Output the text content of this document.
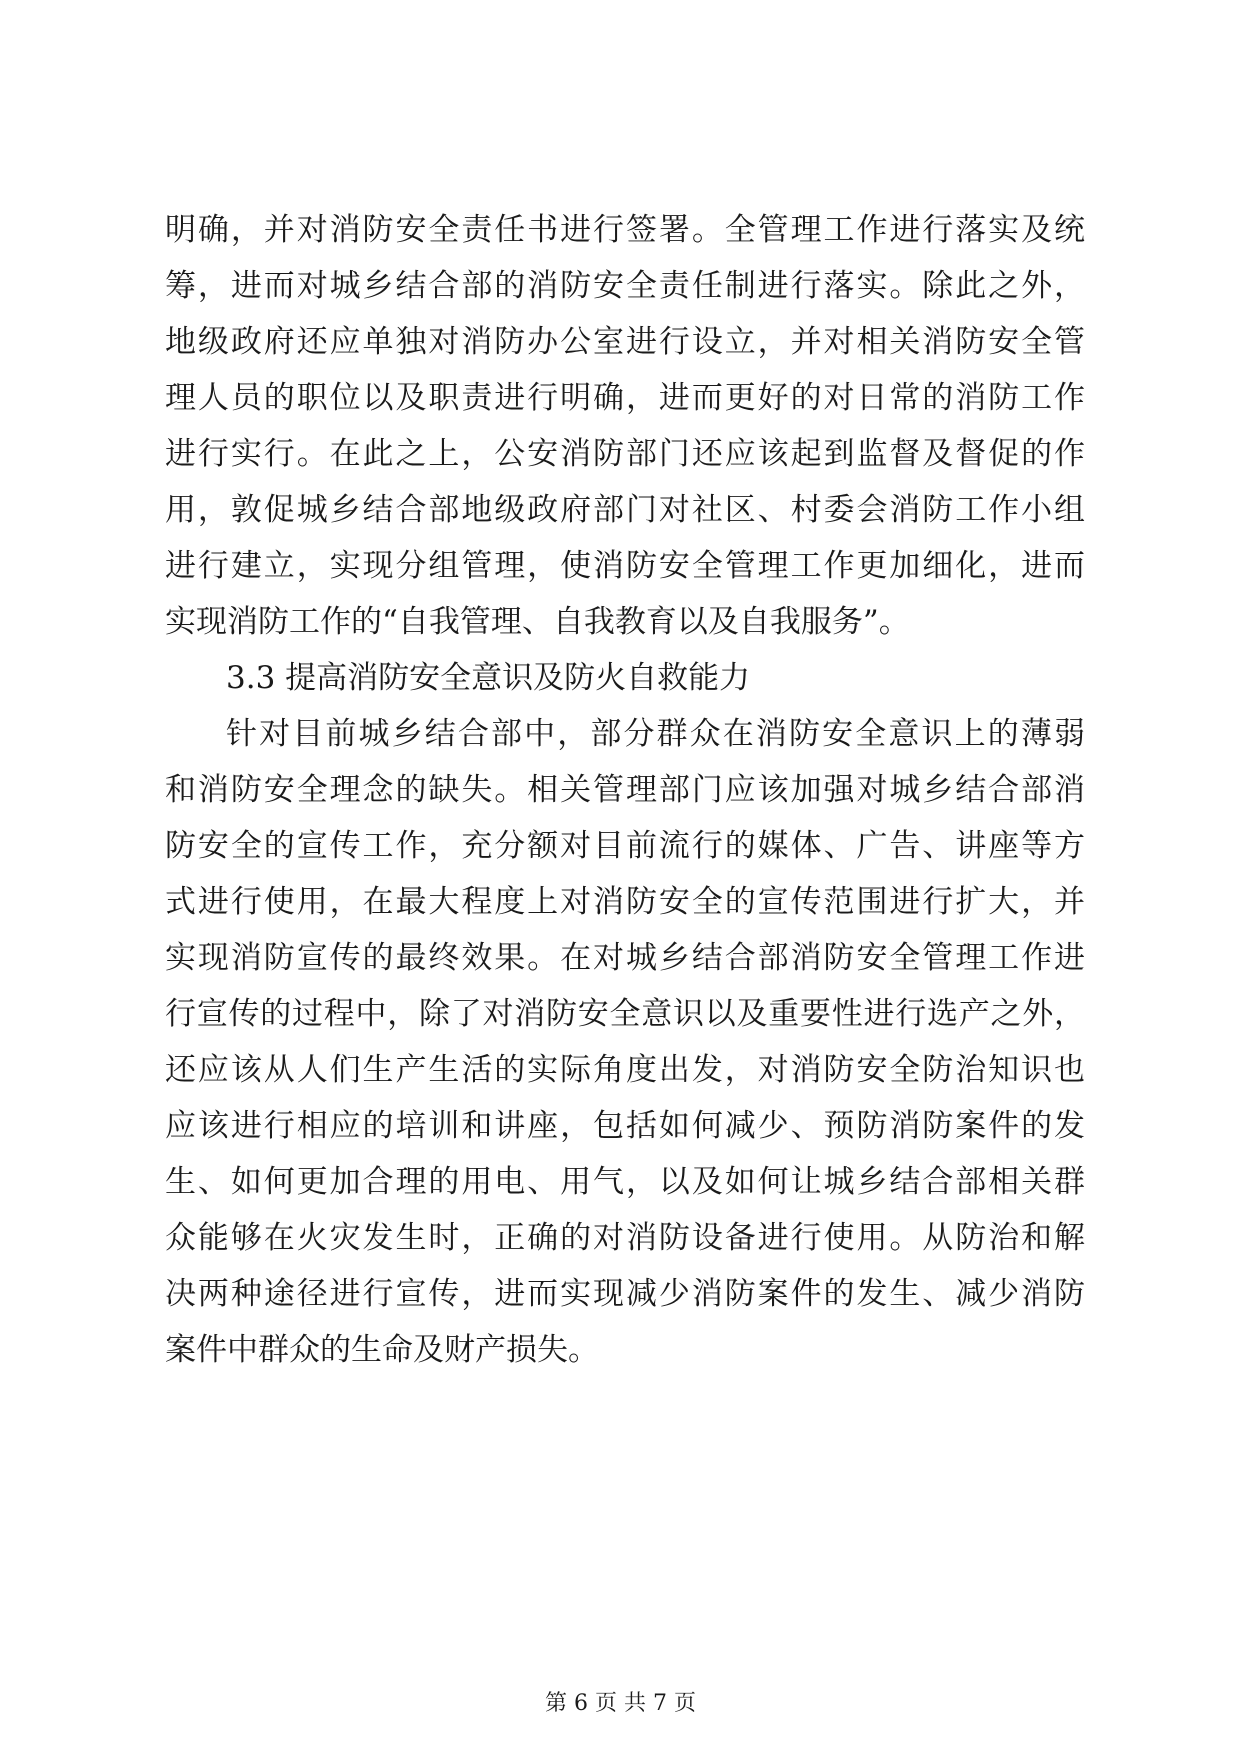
明确，并对消防安全责任书进行签署。全管理工作进行落实及统
筹，进而对城乡结合部的消防安全责任制进行落实。除此之外，
地级政府还应单独对消防办公室进行设立，并对相关消防安全管
理人员的职位以及职责进行明确，进而更好的对日常的消防工作
进行实行。在此之上，公安消防部门还应该起到监督及督促的作
用，敦促城乡结合部地级政府部门对社区、村委会消防工作小组
进行建立，实现分组管理，使消防安全管理工作更加细化，进而
实现消防工作的“自我管理、自我教育以及自我服务”。
3.3 提高消防安全意识及防火自救能力
针对目前城乡结合部中，部分群众在消防安全意识上的薄弱
和消防安全理念的缺失。相关管理部门应该加强对城乡结合部消
防安全的宣传工作，充分额对目前流行的媒体、广告、讲座等方
式进行使用，在最大程度上对消防安全的宣传范围进行扩大，并
实现消防宣传的最终效果。在对城乡结合部消防安全管理工作进
行宣传的过程中，除了对消防安全意识以及重要性进行选产之外，
还应该从人们生产生活的实际角度出发，对消防安全防治知识也
应该进行相应的培训和讲座，包括如何减少、预防消防案件的发
生、如何更加合理的用电、用气，以及如何让城乡结合部相关群
众能够在火灾发生时，正确的对消防设备进行使用。从防治和解
决两种途径进行宣传，进而实现减少消防案件的发生、减少消防
案件中群众的生命及财产损失。
第 6 页 共 7 页
